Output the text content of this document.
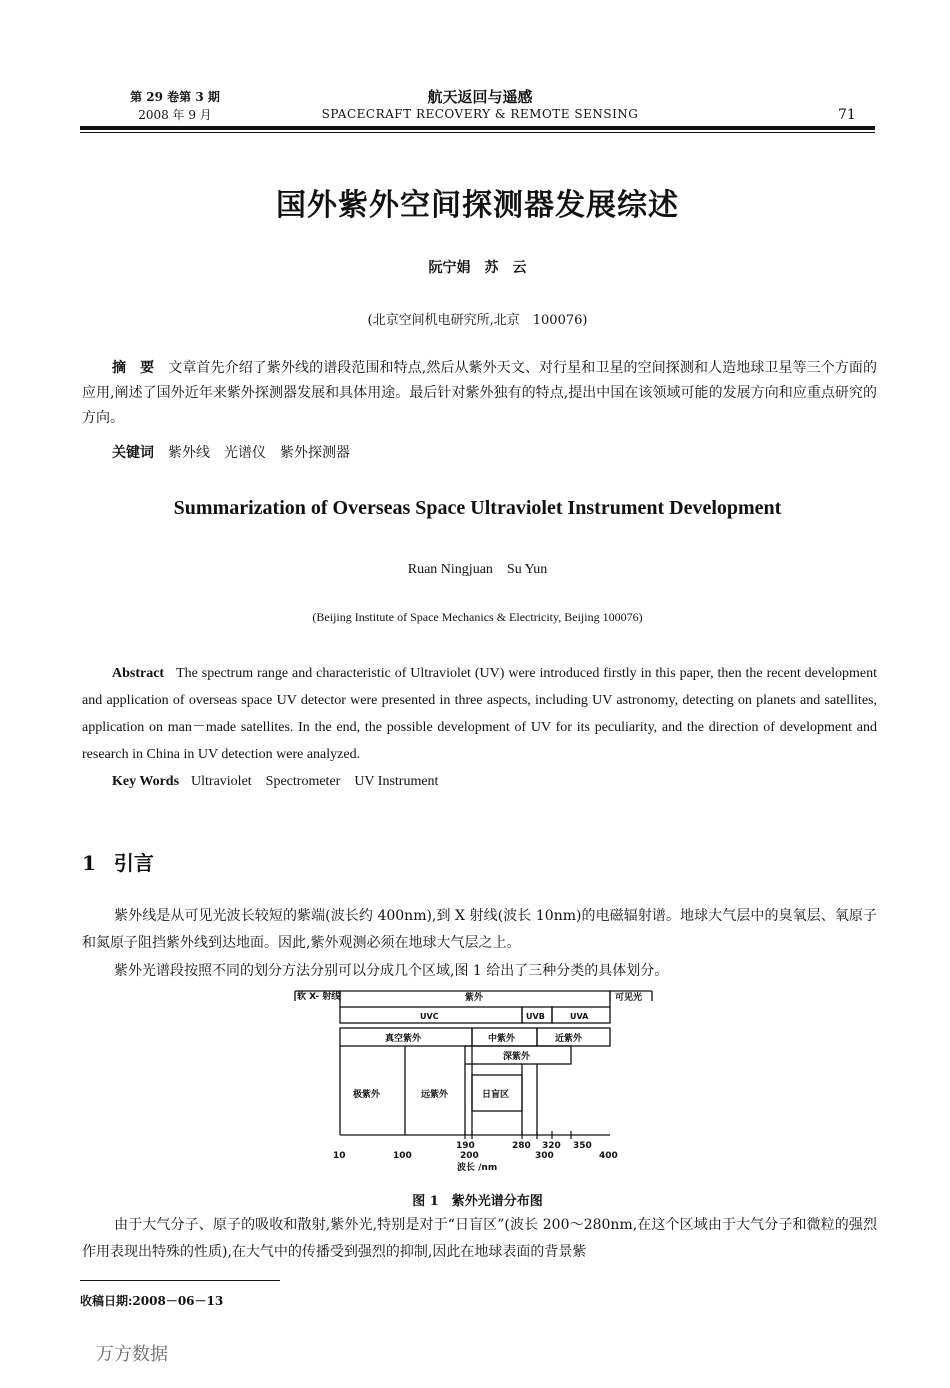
第 29 卷第 3 期
2008 年 9 月
航天返回与遥感
SPACECRAFT RECOVERY & REMOTE SENSING	71
国外紫外空间探测器发展综述
阮宁娟　苏　云
(北京空间机电研究所,北京　100076)
摘　要 文章首先介绍了紫外线的谱段范围和特点,然后从紫外天文、对行星和卫星的空间探测和人造地球卫星等三个方面的应用,阐述了国外近年来紫外探测器发展和具体用途。最后针对紫外独有的特点,提出中国在该领域可能的发展方向和应重点研究的方向。
关键词 紫外线　光谱仪　紫外探测器
Summarization of Overseas Space Ultraviolet Instrument Development
Ruan Ningjuan　Su Yun
(Beijing Institute of Space Mechanics & Electricity, Beijing 100076)
Abstract The spectrum range and characteristic of Ultraviolet (UV) were introduced firstly in this paper, then the recent development and application of overseas space UV detector were presented in three aspects, including UV astronomy, detecting on planets and satellites, application on man－made satellites. In the end, the possible development of UV for its peculiarity, and the direction of development and research in China in UV detection were analyzed.
Key Words Ultraviolet　Spectrometer　UV Instrument
1 引言
紫外线是从可见光波长较短的紫端(波长约 400nm),到 X 射线(波长 10nm)的电磁辐射谱。地球大气层中的臭氧层、氧原子和氮原子阻挡紫外线到达地面。因此,紫外观测必须在地球大气层之上。
紫外光谱段按照不同的划分方法分别可以分成几个区域,图 1 给出了三种分类的具体划分。
软 X- 射线	紫外	可见光
UVC	UVB	UVA
真空紫外	中紫外	近紫外
深紫外
极紫外	远紫外	日盲区
190	280 320 350
10	100	200	300	400
波长 /nm
图 1　紫外光谱分布图
由于大气分子、原子的吸收和散射,紫外光,特别是对于“日盲区”(波长 200～280nm,在这个区域由于大气分子和微粒的强烈作用表现出特殊的性质),在大气中的传播受到强烈的抑制,因此在地球表面的背景紫
收稿日期:2008－06－13
万方数据
